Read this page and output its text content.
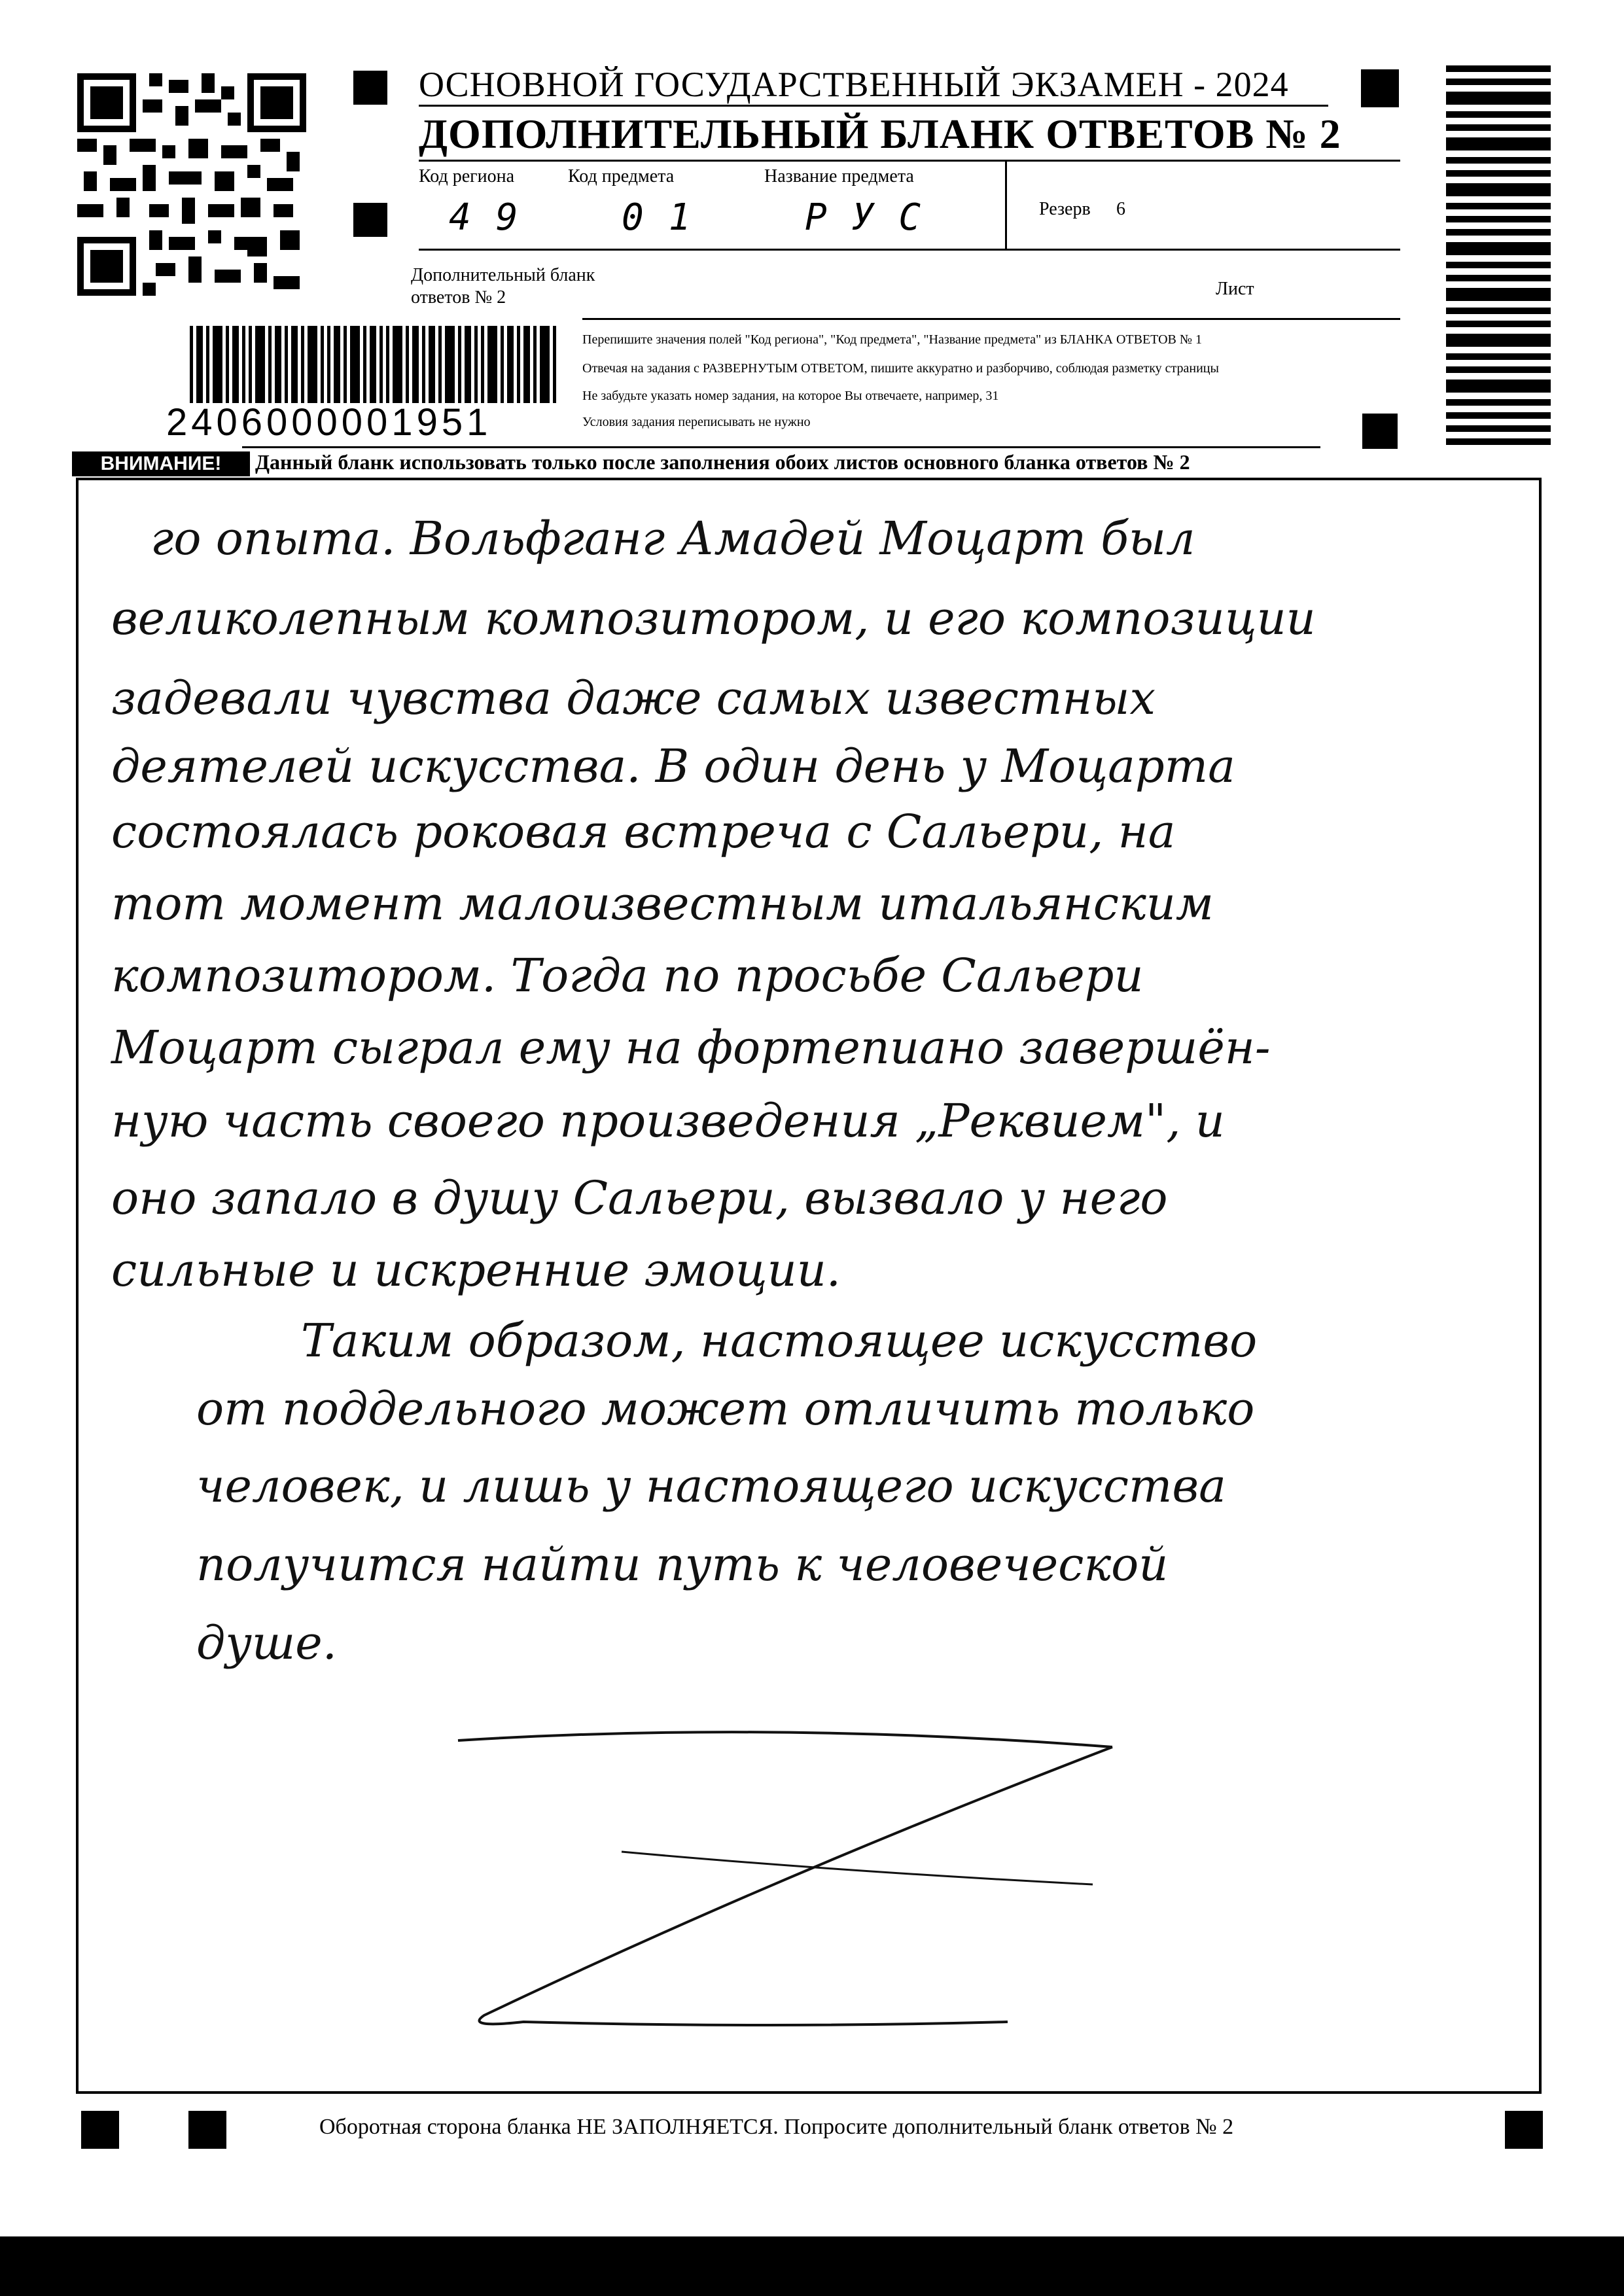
ОСНОВНОЙ ГОСУДАРСТВЕННЫЙ ЭКЗАМЕН - 2024
ДОПОЛНИТЕЛЬНЫЙ БЛАНК ОТВЕТОВ № 2
Код региона	Код предмета	Название предмета
49 01 РУС	Резерв 6
Дополнительный бланк ответов № 2	Лист
2406000001951
Перепишите значения полей "Код региона", "Код предмета", "Название предмета" из БЛАНКА ОТВЕТОВ № 1
Отвечая на задания с РАЗВЕРНУТЫМ ОТВЕТОМ, пишите аккуратно и разборчиво, соблюдая разметку страницы
Не забудьте указать номер задания, на которое Вы отвечаете, например, 31
Условия задания переписывать не нужно
ВНИМАНИЕ!	Данный бланк использовать только после заполнения обоих листов основного бланка ответов № 2
го опыта. Вольфганг Амадей Моцарт был
великолепным композитором, и его композиции
задевали чувства даже самых известных
деятелей искусства. В один день у Моцарта
состоялась роковая встреча с Сальери, на
тот момент малоизвестным итальянским
композитором. Тогда по просьбе Сальери
Моцарт сыграл ему на фортепиано завершён-
ную часть своего произведения „Реквием", и
оно запало в душу Сальери, вызвало у него
сильные и искренние эмоции.
Таким образом, настоящее искусство
от поддельного может отличить только
человек, и лишь у настоящего искусства
получится найти путь к человеческой
душе.
Оборотная сторона бланка НЕ ЗАПОЛНЯЕТСЯ. Попросите дополнительный бланк ответов № 2
